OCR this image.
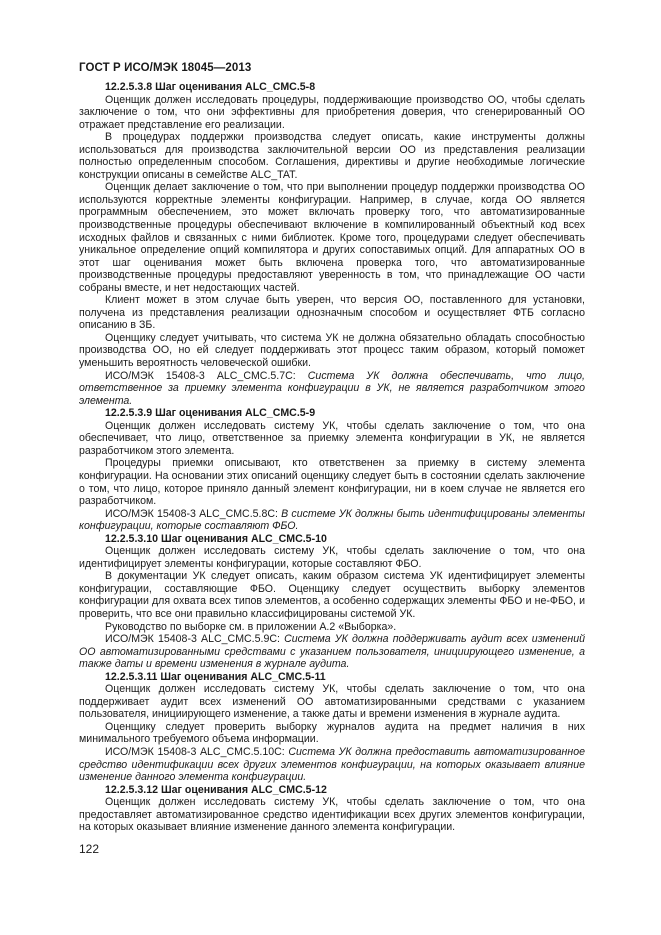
ГОСТ Р ИСО/МЭК 18045—2013

12.2.5.3.8 Шаг оценивания ALC_CMC.5-8

Оценщик должен исследовать процедуры, поддерживающие производство ОО, чтобы сделать заключение о том, что они эффективны для приобретения доверия, что сгенерированный ОО отражает представление его реализации.

В процедурах поддержки производства следует описать, какие инструменты должны использоваться для производства заключительной версии ОО из представления реализации полностью определенным способом. Соглашения, директивы и другие необходимые логические конструкции описаны в семействе ALC_TAT.

Оценщик делает заключение о том, что при выполнении процедур поддержки производства ОО используются корректные элементы конфигурации. Например, в случае, когда ОО является программным обеспечением, это может включать проверку того, что автоматизированные производственные процедуры обеспечивают включение в компилированный объектный код всех исходных файлов и связанных с ними библиотек. Кроме того, процедурами следует обеспечивать уникальное определение опций компилятора и других сопоставимых опций. Для аппаратных ОО в этот шаг оценивания может быть включена проверка того, что автоматизированные производственные процедуры предоставляют уверенность в том, что принадлежащие ОО части собраны вместе, и нет недостающих частей.

Клиент может в этом случае быть уверен, что версия ОО, поставленного для установки, получена из представления реализации однозначным способом и осуществляет ФТБ согласно описанию в ЗБ.

Оценщику следует учитывать, что система УК не должна обязательно обладать способностью производства ОО, но ей следует поддерживать этот процесс таким образом, который поможет уменьшить вероятность человеческой ошибки.

ИСО/МЭК 15408-3 ALC_CMC.5.7С: Система УК должна обеспечивать, что лицо, ответственное за приемку элемента конфигурации в УК, не является разработчиком этого элемента.

12.2.5.3.9 Шаг оценивания ALC_CMC.5-9

Оценщик должен исследовать систему УК, чтобы сделать заключение о том, что она обеспечивает, что лицо, ответственное за приемку элемента конфигурации в УК, не является разработчиком этого элемента.

Процедуры приемки описывают, кто ответственен за приемку в систему элемента конфигурации. На основании этих описаний оценщику следует быть в состоянии сделать заключение о том, что лицо, которое приняло данный элемент конфигурации, ни в коем случае не является его разработчиком.

ИСО/МЭК 15408-3 ALC_CMC.5.8С: В системе УК должны быть идентифицированы элементы конфигурации, которые составляют ФБО.

12.2.5.3.10 Шаг оценивания ALC_CMC.5-10

Оценщик должен исследовать систему УК, чтобы сделать заключение о том, что она идентифицирует элементы конфигурации, которые составляют ФБО.

В документации УК следует описать, каким образом система УК идентифицирует элементы конфигурации, составляющие ФБО. Оценщику следует осуществить выборку элементов конфигурации для охвата всех типов элементов, а особенно содержащих элементы ФБО и не-ФБО, и проверить, что все они правильно классифицированы системой УК.

Руководство по выборке см. в приложении А.2 «Выборка».

ИСО/МЭК 15408-3 ALC_CMC.5.9С: Система УК должна поддерживать аудит всех изменений ОО автоматизированными средствами с указанием пользователя, инициирующего изменение, а также даты и времени изменения в журнале аудита.

12.2.5.3.11 Шаг оценивания ALC_CMC.5-11

Оценщик должен исследовать систему УК, чтобы сделать заключение о том, что она поддерживает аудит всех изменений ОО автоматизированными средствами с указанием пользователя, инициирующего изменение, а также даты и времени изменения в журнале аудита.

Оценщику следует проверить выборку журналов аудита на предмет наличия в них минимального требуемого объема информации.

ИСО/МЭК 15408-3 ALC_CMC.5.10С: Система УК должна предоставить автоматизированное средство идентификации всех других элементов конфигурации, на которых оказывает влияние изменение данного элемента конфигурации.

12.2.5.3.12 Шаг оценивания ALC_CMC.5-12

Оценщик должен исследовать систему УК, чтобы сделать заключение о том, что она предоставляет автоматизированное средство идентификации всех других элементов конфигурации, на которых оказывает влияние изменение данного элемента конфигурации.

122
